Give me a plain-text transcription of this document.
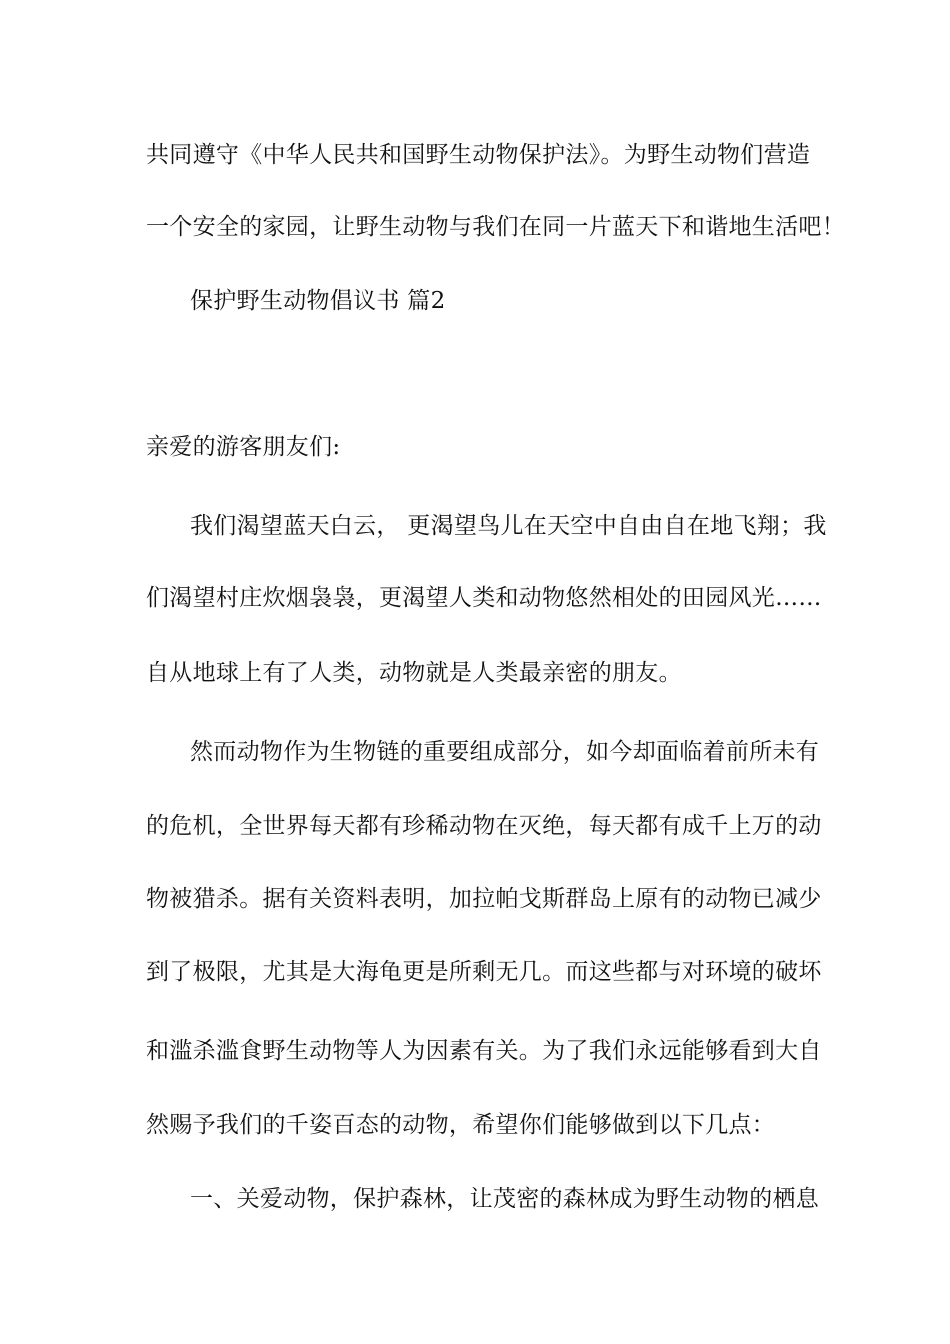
共同遵守《中华人民共和国野生动物保护法》。为野生动物们营造
一个安全的家园，让野生动物与我们在同一片蓝天下和谐地生活吧！
保护野生动物倡议书 篇2
亲爱的游客朋友们:
我们渴望蓝天白云， 更渴望鸟儿在天空中自由自在地飞翔；我
们渴望村庄炊烟袅袅，更渴望人类和动物悠然相处的田园风光……
自从地球上有了人类，动物就是人类最亲密的朋友。
然而动物作为生物链的重要组成部分，如今却面临着前所未有
的危机，全世界每天都有珍稀动物在灭绝，每天都有成千上万的动
物被猎杀。据有关资料表明，加拉帕戈斯群岛上原有的动物已减少
到了极限，尤其是大海龟更是所剩无几。而这些都与对环境的破坏
和滥杀滥食野生动物等人为因素有关。为了我们永远能够看到大自
然赐予我们的千姿百态的动物，希望你们能够做到以下几点：
一、关爱动物，保护森林，让茂密的森林成为野生动物的栖息
